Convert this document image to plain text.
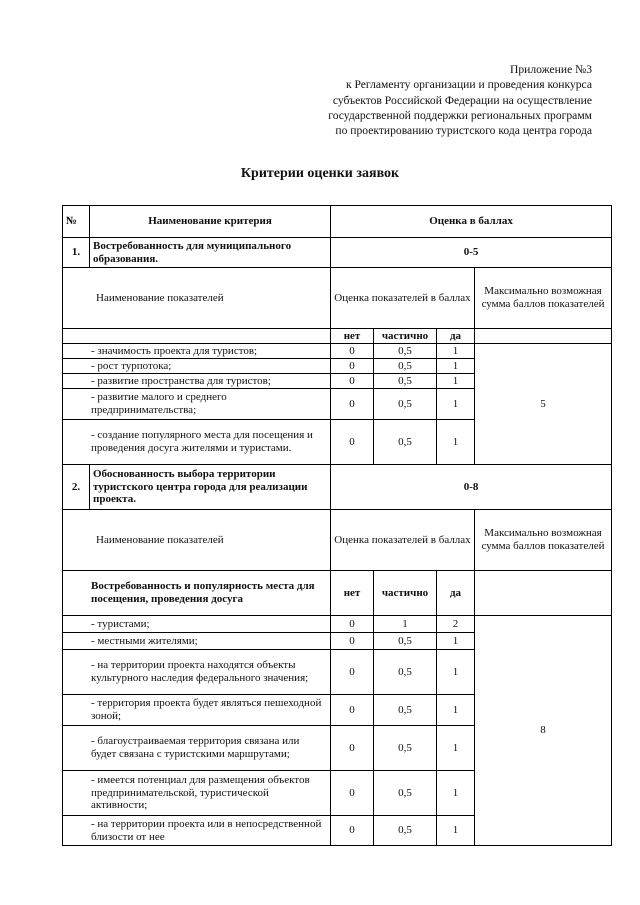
Приложение №3
к Регламенту организации и проведения конкурса
субъектов Российской Федерации на осуществление
государственной поддержки региональных программ
по проектированию туристского кода центра города
Критерии оценки заявок
№	Наименование критерия	Оценка в баллах			
1.	Востребованность для муниципального образования.	0-5			
Наименование показателей		Оценка показателей в баллах			Максимально возможная сумма баллов показателей
		нет	частично	да	
- значимость проекта для туристов;		0	0,5	1	5
- рост турпотока;		0	0,5	1	
- развитие пространства для туристов;		0	0,5	1	

- развитие малого и среднего предпринимательства;		0	0,5	1	

- создание популярного места для посещения и проведения досуга жителями и туристами.		0	0,5	1	
2.	Обоснованность выбора территории туристского центра города для реализации проекта.	0-8			
Наименование показателей		Оценка показателей в баллах			Максимально возможная сумма баллов показателей

Востребованность и популярность места для посещения, проведения досуга		нет	частично	да	
- туристами;		0	1	2	8
- местными жителями;		0	0,5	1	

- на территории проекта находятся объекты культурного наследия федерального значения;		0	0,5	1	

- территория проекта будет являться пешеходной зоной;		0	0,5	1	

- благоустраиваемая территория связана или будет связана с туристскими маршрутами;		0	0,5	1	

- имеется потенциал для размещения объектов предпринимательской, туристической активности;		0	0,5	1	

- на территории проекта или в непосредственной близости от нее		0	0,5	1	
